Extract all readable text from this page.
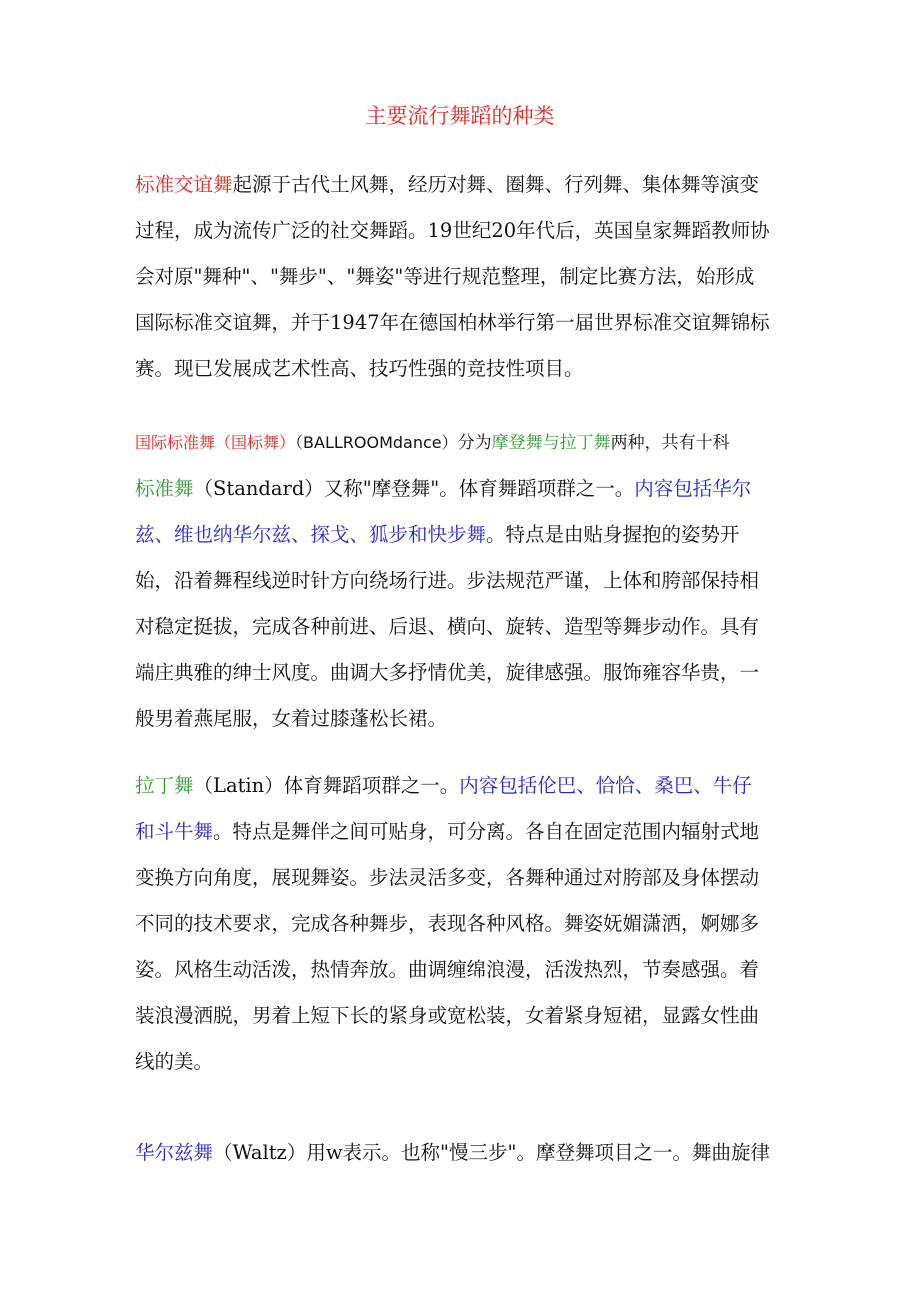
主要流行舞蹈的种类
标准交谊舞起源于古代土风舞，经历对舞、圈舞、行列舞、集体舞等演变
过程，成为流传广泛的社交舞蹈。19世纪20年代后，英国皇家舞蹈教师协
会对原"舞种"、"舞步"、"舞姿"等进行规范整理，制定比赛方法，始形成
国际标准交谊舞，并于1947年在德国柏林举行第一届世界标准交谊舞锦标
赛。现已发展成艺术性高、技巧性强的竞技性项目。
国际标准舞（国标舞）（BALLROOMdance）分为摩登舞与拉丁舞两种，共有十科
标准舞（Standard）又称"摩登舞"。体育舞蹈项群之一。内容包括华尔
兹、维也纳华尔兹、探戈、狐步和快步舞。特点是由贴身握抱的姿势开
始，沿着舞程线逆时针方向绕场行进。步法规范严谨，上体和胯部保持相
对稳定挺拔，完成各种前进、后退、横向、旋转、造型等舞步动作。具有
端庄典雅的绅士风度。曲调大多抒情优美，旋律感强。服饰雍容华贵，一
般男着燕尾服，女着过膝蓬松长裙。
拉丁舞（Latin）体育舞蹈项群之一。内容包括伦巴、恰恰、桑巴、牛仔
和斗牛舞。特点是舞伴之间可贴身，可分离。各自在固定范围内辐射式地
变换方向角度，展现舞姿。步法灵活多变，各舞种通过对胯部及身体摆动
不同的技术要求，完成各种舞步，表现各种风格。舞姿妩媚潇洒，婀娜多
姿。风格生动活泼，热情奔放。曲调缠绵浪漫，活泼热烈，节奏感强。着
装浪漫洒脱，男着上短下长的紧身或宽松装，女着紧身短裙，显露女性曲
线的美。
华尔兹舞（Waltz）用w表示。也称"慢三步"。摩登舞项目之一。舞曲旋律
